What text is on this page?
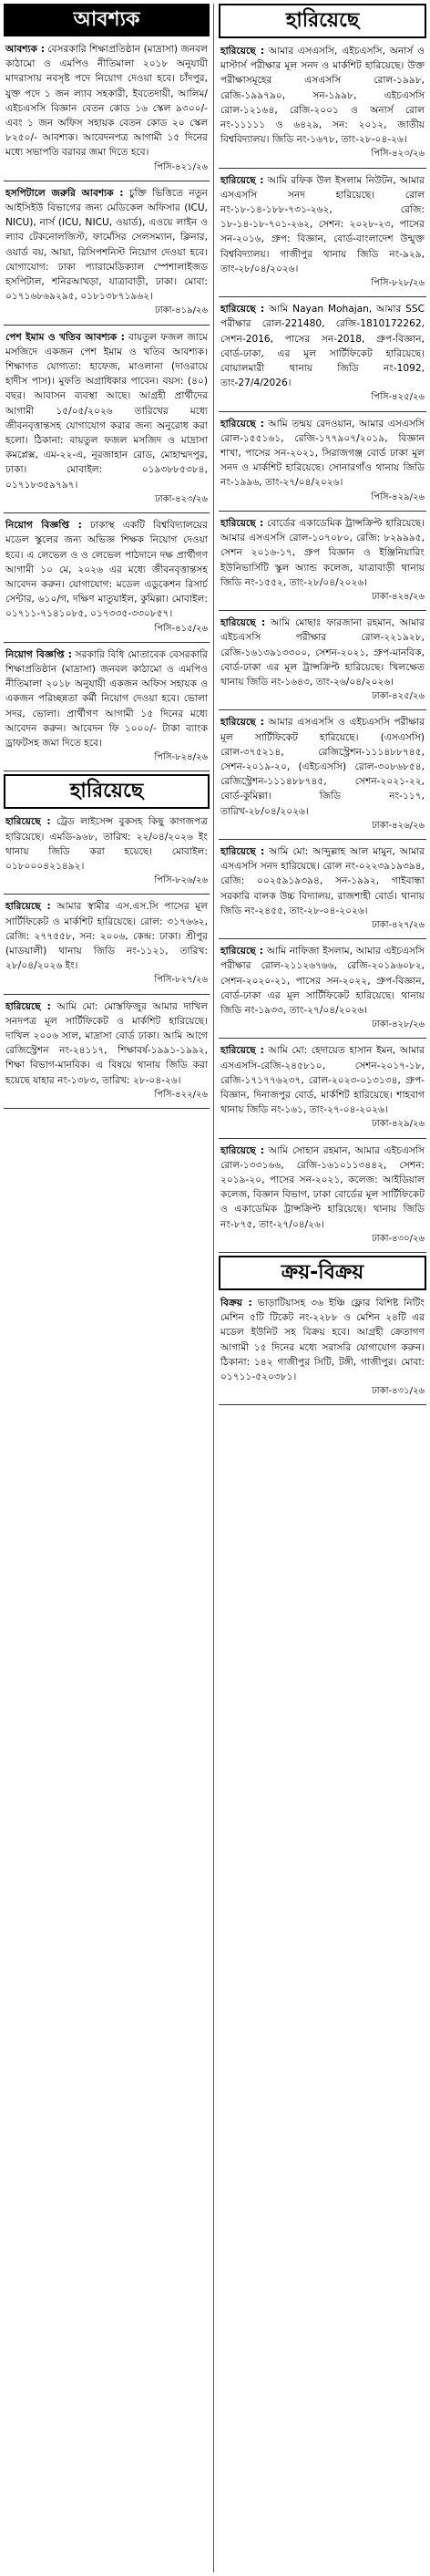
আবশ্যক
আবশ্যক : বেসরকারি শিক্ষাপ্রতিষ্ঠান (মাদ্রাসা) জনবল কাঠামো ও এমপিও নীতিমালা ২০১৮ অনুযায়ী মাদরাসায় নবসৃষ্ট পদে নিয়োগ দেওয়া হবে। চাঁদপুর, যুক্ত পদে ১ জন ল্যাব সহকারী, ইবতেদায়ী, আলিম/এইচএসসি বিজ্ঞান বেতন কোড ১৬ স্কেল ৯৩০০/- এবং ১ জন অফিস সহায়ক বেতন কোড ২০ স্কেল ৮২৫০/- আবশ্যক। আবেদনপত্র আগামী ১৫ দিনের মধ্যে সভাপতি বরাবর জমা দিতে হবে।
পিসি-৪২১/২৬
হসপিটালে জরুরি আবশ্যক : চুক্তি ভিত্তিতে নতুন আইসিইউ বিভাগের জন্য মেডিকেল অফিসার (ICU, NICU), নার্স (ICU, NICU, ওয়ার্ড), এওয়ে লাইন ও ল্যাব টেকনোলজিস্ট, ফার্মেসির সেলসম্যান, ক্লিনার, ওয়ার্ড বয়, আয়া, রিসিপশনিস্ট নিয়োগ দেওয়া হবে। যোগাযোগ: ঢাকা প্যারামেডিক্যাল স্পেশালাইজড হসপিটাল, শনিরআখড়া, যাত্রাবাড়ী, ঢাকা। মোবা: ০১৭১৬৮৬৯২৯৫, ০১৮১৩৮৭১৯৬২।
ঢাকা-৪১৯/২৬
পেশ ইমাম ও খতিব আবশ্যক : বায়তুল ফজল জামে মসজিদে একজন পেশ ইমাম ও খতিব আবশ্যক। শিক্ষাগত যোগ্যতা: হাফেজ, মাওলানা (দাওরায়ে হাদীস পাস)। মুফতি অগ্রাধিকার পাবেন। বয়স: (৪০) বছর। আবাসন ব্যবস্থা আছে। আগ্রহী প্রার্থীদের আগামী ১৫/০৫/২০২৬ তারিখের মধ্যে জীবনবৃত্তান্তসহ যোগাযোগ করার জন্য অনুরোধ করা হলো। ঠিকানা: বায়তুল ফজল মসজিদ ও মাদ্রাসা কমপ্লেক্স, এম-২২-এ, নূরজাহান রোড, মোহাম্মদপুর, ঢাকা। মোবাইল: ০১৯৩৮৮৫৩৮৪, ০১৭১৮৩৫৯৭৯৭।
ঢাকা-৪২৩/২৬
নিয়োগ বিজ্ঞপ্তি : ঢাকাস্থ একটি বিশ্ববিদ্যালয়ের মডেল স্কুলের জন্য অভিজ্ঞ শিক্ষক নিয়োগ দেওয়া হবে। এ লেভেল ও ও লেভেল পাঠদানে দক্ষ প্রার্থীগণ আগামী ১০ মে, ২০২৬ এর মধ্যে জীবনবৃত্তান্তসহ আবেদন করুন। যোগাযোগ: মডেল এডুকেশন রিসার্চ সেন্টার, ৬১০/গ, দক্ষিণ মাতুয়াইল, কুমিল্লা। মোবাইল: ০১৭১১-৭১৪১০৮৫, ০১৭৩৩৫-৩৩০৮৫৭।
পিসি-৪১৫/২৬
নিয়োগ বিজ্ঞপ্তি : সরকারি বিধি মোতাবেক বেসরকারি শিক্ষাপ্রতিষ্ঠান (মাদ্রাসা) জনবল কাঠামো ও এমপিও নীতিমালা ২০১৮ অনুযায়ী একজন অফিস সহায়ক ও একজন পরিচ্ছন্নতা কর্মী নিয়োগ দেওয়া হবে। ভোলা সদর, ভোলা। প্রার্থীগণ আগামী ১৫ দিনের মধ্যে আবেদন করুন। আবেদন ফি ১০০০/- টাকা ব্যাংক ড্রাফটসহ জমা দিতে হবে।
পিসি-৮২৪/২৬
হারিয়েছে
হারিয়েছে : ট্রেড লাইসেন্স বুকসহ কিছু কাগজপত্র হারিয়েছে। এমডি-৯৬৮, তারিখ: ২২/০৪/২০২৬ ইং থানায় জিডি করা হয়েছে। মোবাইল: ০১৮০০০৪২১৪৯২।
পিসি-৮২৬/২৬
হারিয়েছে : আমার স্বামীর এস.এস.সি পাসের মূল সার্টিফিকেট ও মার্কশিট হারিয়েছে। রোল: ৩১৭৬৬২, রেজি: ২৭৭৫৫৮, সন: ২০০৬, কেন্দ্র: ঢাকা। শ্রীপুর (মাডয়ালী) থানায় জিডি নং-১১২১, তারিখ: ২৮/০৪/২০২৬ ইং।
পিসি-৮২৭/২৬
হারিয়েছে : আমি মো: মোস্তফিজুর আমার দাখিল সনদপত্র মূল সার্টিফিকেট ও মার্কশিট হারিয়েছে। দাখিল ২০০৬ সাল, মাদ্রাসা বোর্ড ঢাকা। আমি আগে রেজিস্ট্রেশন নং-২৪১১৭, শিক্ষাবর্ষ-১৯৯১-১৯৯২, শিক্ষা বিভাগ-মানবিক। এ বিষয়ে থানায় জিডি করা হয়েছে যাহার নং-১৩৮৩, তারিখ: ২৮-০৪-২৬।
পিসি-৪২২/২৬
হারিয়েছে
হারিয়েছে : আমার এসএসসি, এইচএসসি, অনার্স ও মাস্টার্স পরীক্ষার মূল সনদ ও মার্কশিট হারিয়েছে। উক্ত পরীক্ষাসমূহের এসএসসি রোল-১৯৯৮, রেজি-১৯৯৭৯০, সন-১৯৯৮, এইচএসসি রোল-১২১৬৪, রেজি-২০০১ ও অনার্স রোল নং-১১১১১ ও ৬৪২৯, সন: ২০১২, জাতীয় বিশ্ববিদ্যালয়। জিডি নং-১৬৭৮, তাং-২৮-০৪-২৬।
পিসি-৪২৩/২৬
হারিয়েছে : আমি রফিক উল ইসলাম নিউটন, আমার এসএসসি সনদ হারিয়েছে। রোল নং-১৮-১৪-১৮৮-৭৩১-২৬২, রেজি: ১৮-১৪-১৮-৭০১-২৬২, সেশন: ২০২৮-২৩, পাসের সন-২০১৬, গ্রুপ: বিজ্ঞান, বোর্ড-বাংলাদেশ উন্মুক্ত বিশ্ববিদ্যালয়। গাজীপুর থানায় জিডি নং-৯২৯, তাং-২৮/০৪/২০২৬।
পিসি-৮২৮/২৬
হারিয়েছে : আমি Nayan Mohajan, আমার SSC পরীক্ষার রোল-221480, রেজি-1810172262, সেশন-2016, পাসের সন-2018, গ্রুপ-বিজ্ঞান, বোর্ড-ঢাকা, এর মূল সার্টিফিকেট হারিয়েছে। বোয়ালমারী থানায় জিডি নং-1092, তাং-27/4/2026।
পিসি-৪২৫/২৬
হারিয়েছে : আমি তন্ময় রেদওয়ান, আমার এসএসসি রোল-১৫৫১৬১, রেজি-১৭৭৯০৭/২০১৯, বিজ্ঞান শাখা, পাসের সন-২০২১, সিরাজগঞ্জ বোর্ড ঢাকা মূল সনদ ও মার্কশিট হারিয়েছে। সোনারগাঁও থানায় জিডি নং-১৯৯৬, তাং-২৭/০৪/২০২৬।
পিসি-৪২৯/২৬
হারিয়েছে : বোর্ডের একাডেমিক ট্রান্সক্রিপ্ট হারিয়েছে। আমার এসএসসি রোল-১০৭০৮০, রেজি: ৮২৯৯৯৫, সেশন ২০১৬-১৭, গ্রুপ বিজ্ঞান ও ইঞ্জিনিয়ারিং ইউনিভার্সিটি স্কুল অ্যান্ড কলেজ, যাত্রাবাড়ী থানায় জিডি নং-১৫৫২, তাং-২৮/০৪/২০২৬।
ঢাকা-৪২৪/২৬
হারিয়েছে : আমি মোছাঃ ফারজানা রহমান, আমার এইচএসসি পরীক্ষার রোল-২২১৯২৮, রেজি-১৬১৩৯১৩৩০০, সেশন-২০২১, গ্রুপ-মানবিক, বোর্ড-ঢাকা এর মূল ট্রান্সক্রিপ্ট হারিয়েছে। খিলক্ষেত থানায় জিডি নং-১৬৪৩, তাং-২৬/০৪/২০২৬।
ঢাকা-৪২৫/২৬
হারিয়েছে : আমার এসএসসি ও এইচএসসি পরীক্ষার মূল সার্টিফিকেট হারিয়েছে। (এসএসসি) রোল-৩৭৫২১৪, রেজিস্ট্রেশন-১১১৪৮৮৭৪৫, সেশন-২০১৯-২০, (এইচএসসি) রোল-৩০৮৬৮৫৪, রেজিস্ট্রেশন-১১১৪৮৮৭৪৫, সেশন-২০২১-২২, বোর্ড-কুমিল্লা। জিডি নং-১১৭, তারিখ-২৮/০৪/২০২৬।
ঢাকা-৪২৬/২৬
হারিয়েছে : আমি মো: আব্দুল্লাহ আল মামুন, আমার এসএসসি সনদ হারিয়েছে। রোল নং-০২২৩৯১৯৩৯৪, রেজি: ০০২৫৯১৯৩৯৪, সন-১৯৯২, গাইবান্ধা সরকারি বালক উচ্চ বিদ্যালয়, রাজশাহী বোর্ড। থানায় জিডি নং-২৪৫৫, তাং-২৮-০৪-২০২৬।
ঢাকা-৪২৭/২৬
হারিয়েছে : আমি নাফিজা ইসলাম, আমার এইচএসসি পরীক্ষার রোল-২১১২৬৭৬৬, রেজি-২০১৯৬০৮২, সেশন-২০২০-২১, পাসের সন-২০২২, গ্রুপ-বিজ্ঞান, বোর্ড-ঢাকা এর মূল সার্টিফিকেট হারিয়েছে। থানায় জিডি নং-১৯৩৩, তাং-২৭/০৪/২০২৬।
ঢাকা-৪২৮/২৬
হারিয়েছে : আমি মো: হেদায়েত হাসান ইমন, আমার এসএসসি-রেজি-২৪৫৮১০, সেশন-২০১৭-১৮, রেজি-১৭১৭৭৬২৩৭, রোল-২০২৩-০১৩১৩৪, গ্রুপ-বিজ্ঞান, দিনাজপুর বোর্ড, মার্কশিট হারিয়েছে। শাহবাগ থানায় জিডি নং-১৬১, তাং-২৭-০৪-২০২৬।
ঢাকা-৪২৯/২৬
হারিয়েছে : আমি সোহান রহমান, আমার এইচএসসি রোল-১৩৩১৬৬, রেজি-১৬১০১১৩৪৪২, সেশন: ২০১৯-২০, পাসের সন-২০২১, কলেজ: আইডিয়াল কলেজ, বিজ্ঞান বিভাগ, ঢাকা বোর্ডের মূল সার্টিফিকেট ও একাডেমিক ট্রান্সক্রিপ্ট হারিয়েছে। থানায় জিডি নং-৮৭৫, তাং-২৭/০৪/২৬।
ঢাকা-৪৩০/২৬
ক্রয়-বিক্রয়
বিক্রয় : ভাড়াটিয়াসহ ৩৬ ইঞ্চি ফ্লোর বিশিষ্ট নিটিং মেশিন ৫টি টিকেট নং-২২৮৮ ও মেশিন ২৪টি এর মডেল ইউনিট সহ বিক্রয় হবে। আগ্রহী ক্রেতাগণ আগামী ১৫ দিনের মধ্যে সরাসরি যোগাযোগ করুন। ঠিকানা: ১৪২ গাজীপুর সিটি, টঙ্গী, গাজীপুর। মোবা: ০১৭১১-৫২০৩৮১।
ঢাকা-৪৩১/২৬
